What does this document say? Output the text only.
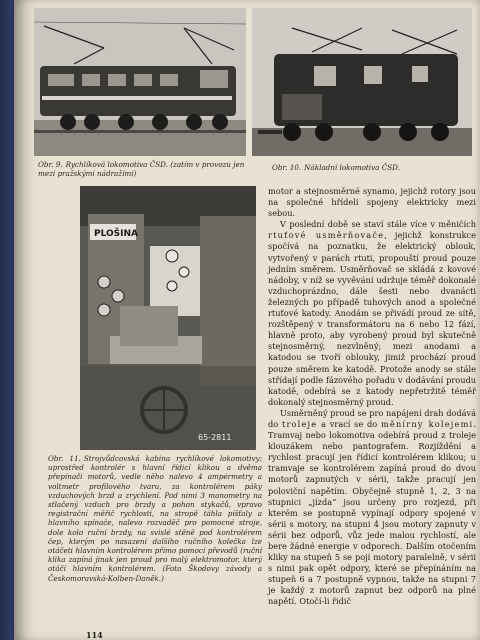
Obr. 9. Rychlíková lokomotiva ČSD. (zatím v provozu jen mezi pražskými nádražími)
Obr. 10. Nákladní lokomotiva ČSD.
PLOŠINA
65-2811
Obr. 11. Strojvůdcovská kabina rychlíkové lokomotivy: uprostřed kontrolér s hlavní řídicí klikou a dvěma přepínači motorů, vedle něho nalevo 4 ampérmetry a voltmetr profilového tvaru, za kontrolérem páky vzduchových brzd a zrychlení. Pod nimi 3 manometry na stlačený vzduch pro brzdy a pohon stykačů, vpravo registrační měřič rychlosti, na stropě táhla píšťaly a hlavního spínače, nalevo rozvaděč pro pomocné stroje, dole kolo ruční brzdy, na svislé stěně pod kontrolérem čep, kterým po nasazení dalšího ručního kolečka lze otáčeti hlavním kontrolérem přímo pomocí převodů (ruční klika zapíná jinak jen proud pro malý elektromotor, který otáčí hlavním kontrolérem. (Foto Škodovy závody a Českomoravská-Kolben-Daněk.)

motor a stejnosměrné synamo, jejichž rotory jsou na společné hřídeli spojeny elektricky mezi sebou.

V poslední době se staví stále více v měničích rtuťové usměrňovače, jejichž konstrukce spočívá na poznatku, že elektrický oblouk, vytvořený v parách rtuti, propouští proud pouze jedním směrem. Usměrňovač se skládá z kovové nádoby, v níž se vyvěvání udržuje téměř dokonalé vzduchoprázdno, dále šesti nebo dvanácti železných po případě tuhových anod a společné rtuťové katody. Anodám se přivádí proud ze sítě, rozštěpený v transformátoru na 6 nebo 12 fází, hlavně proto, aby vyrobený proud byl skutečně stejnosměrný, nezvlněný; mezi anodami a katodou se tvoří oblouky, jimiž prochází proud pouze směrem ke katodě. Protože anody se stále střídají podle fázového pořadu v dodávání proudu katodě, odebírá se z katody nepřetržitě téměř dokonalý stejnosměrný proud.

Usměrněný proud se pro napájení drah dodává do troleje a vrací se do měnírny kolejemi. Tramvaj nebo lokomotiva odebírá proud z troleje klouzákem nebo pantografem. Rozjíždění a rychlost pracují jen řídicí kontrolérem klikou; u tramvaje se kontrolérem zapíná proud do dvou motorů zapnutých v sérii, takže pracují jen poloviční napětím. Obyčejně stupně 1, 2, 3 na stupnici „jízda“ jsou určeny pro rozjezd, při kterém se postupně vypínají odpory spojené v sérii s motory, na stupni 4 jsou motory zapnuty v sérii bez odporů, vůz jede malou rychlostí, ale bere žádné energie v odporech. Dalším otočením kliky na stupeň 5 se pojí motory paralelně, v sérii s nimi pak opět odpory, které se přepínáním na stupeň 6 a 7 postupně vypnou, takže na stupni 7 je každý z motorů zapnut bez odporů na plné napětí. Otočí-li řidič

114
